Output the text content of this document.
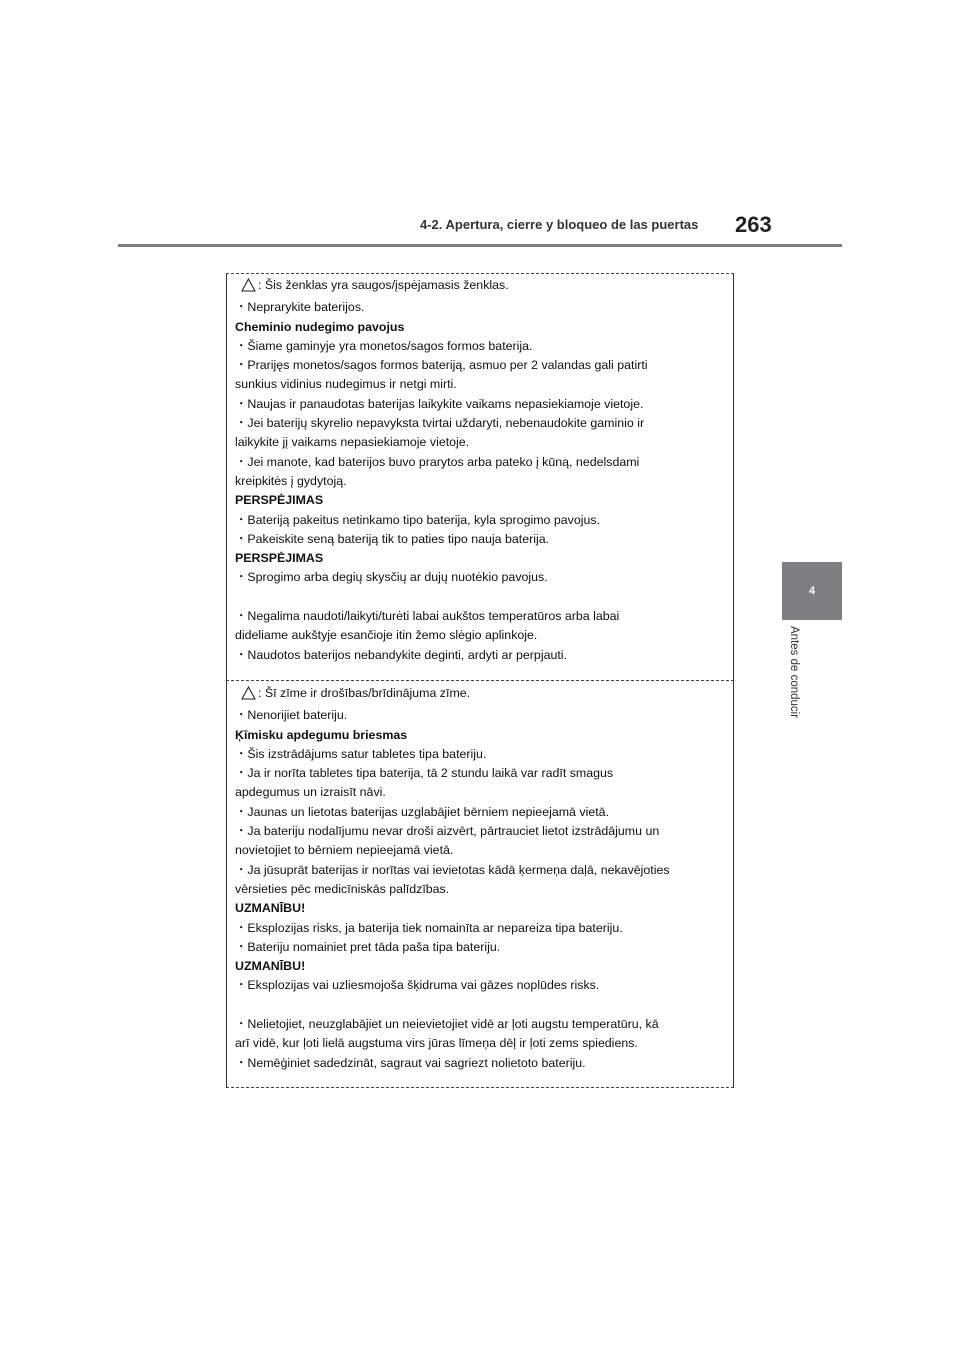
4-2. Apertura, cierre y bloqueo de las puertas 263
4
Antes de conducir

: Šis ženklas yra saugos/įspėjamasis ženklas.

・Neprarykite baterijos.

Cheminio nudegimo pavojus

・Šiame gaminyje yra monetos/sagos formos baterija.

・Prarijęs monetos/sagos formos bateriją, asmuo per 2 valandas gali patirti

sunkius vidinius nudegimus ir netgi mirti.

・Naujas ir panaudotas baterijas laikykite vaikams nepasiekiamoje vietoje.

・Jei baterijų skyrelio nepavyksta tvirtai uždaryti, nebenaudokite gaminio ir

laikykite jį vaikams nepasiekiamoje vietoje.

・Jei manote, kad baterijos buvo prarytos arba pateko į kūną, nedelsdami

kreipkitės į gydytoją.

PERSPĖJIMAS

・Bateriją pakeitus netinkamo tipo baterija, kyla sprogimo pavojus.

・Pakeiskite seną bateriją tik to paties tipo nauja baterija.

PERSPĖJIMAS

・Sprogimo arba degių skysčių ar dujų nuotėkio pavojus.

・Negalima naudoti/laikyti/turėti labai aukštos temperatūros arba labai

dideliame aukštyje esančioje itin žemo slėgio aplinkoje.

・Naudotos baterijos nebandykite deginti, ardyti ar perpjauti.

: Šī zīme ir drošības/brīdinājuma zīme.

・Nenorijiet bateriju.

Ķīmisku apdegumu briesmas

・Šis izstrādājums satur tabletes tipa bateriju.

・Ja ir norīta tabletes tipa baterija, tā 2 stundu laikā var radīt smagus

apdegumus un izraisīt nāvi.

・Jaunas un lietotas baterijas uzglabājiet bērniem nepieejamā vietā.

・Ja bateriju nodalījumu nevar droši aizvērt, pārtrauciet lietot izstrādājumu un

novietojiet to bērniem nepieejamā vietā.

・Ja jūsuprāt baterijas ir norītas vai ievietotas kādā ķermeņa daļā, nekavējoties

vērsieties pēc medicīniskās palīdzības.

UZMANĪBU!

・Eksplozijas risks, ja baterija tiek nomainīta ar nepareiza tipa bateriju.

・Bateriju nomainiet pret tāda paša tipa bateriju.

UZMANĪBU!

・Eksplozijas vai uzliesmojoša šķidruma vai gāzes noplūdes risks.

・Nelietojiet, neuzglabājiet un neievietojiet vidē ar ļoti augstu temperatūru, kā

arī vidē, kur ļoti lielā augstuma virs jūras līmeņa dēļ ir ļoti zems spiediens.

・Nemēģiniet sadedzināt, sagraut vai sagriezt nolietoto bateriju.
